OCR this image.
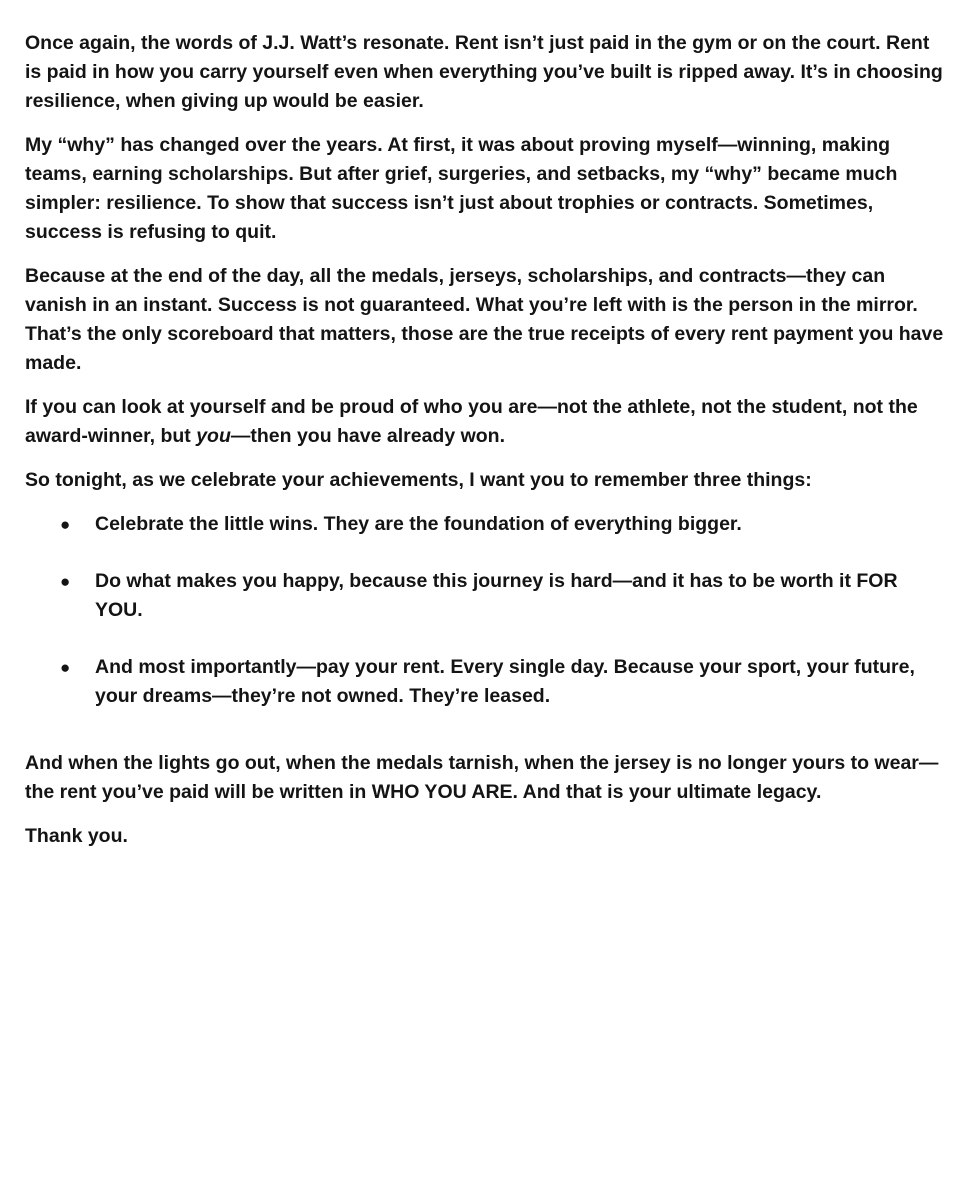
Once again, the words of J.J. Watt’s resonate. Rent isn’t just paid in the gym or on the court. Rent is paid in how you carry yourself even when everything you’ve built is ripped away. It’s in choosing resilience, when giving up would be easier.

My “why” has changed over the years. At first, it was about proving myself—winning, making teams, earning scholarships. But after grief, surgeries, and setbacks, my “why” became much simpler: resilience. To show that success isn’t just about trophies or contracts. Sometimes, success is refusing to quit.

Because at the end of the day, all the medals, jerseys, scholarships, and contracts—they can vanish in an instant. Success is not guaranteed. What you’re left with is the person in the mirror. That’s the only scoreboard that matters, those are the true receipts of every rent payment you have made.

If you can look at yourself and be proud of who you are—not the athlete, not the student, not the award-winner, but you—then you have already won.

So tonight, as we celebrate your achievements, I want you to remember three things:

● Celebrate the little wins. They are the foundation of everything bigger.
● Do what makes you happy, because this journey is hard—and it has to be worth it FOR YOU.
● And most importantly—pay your rent. Every single day. Because your sport, your future, your dreams—they’re not owned. They’re leased.

And when the lights go out, when the medals tarnish, when the jersey is no longer yours to wear—the rent you’ve paid will be written in WHO YOU ARE. And that is your ultimate legacy.

Thank you.
